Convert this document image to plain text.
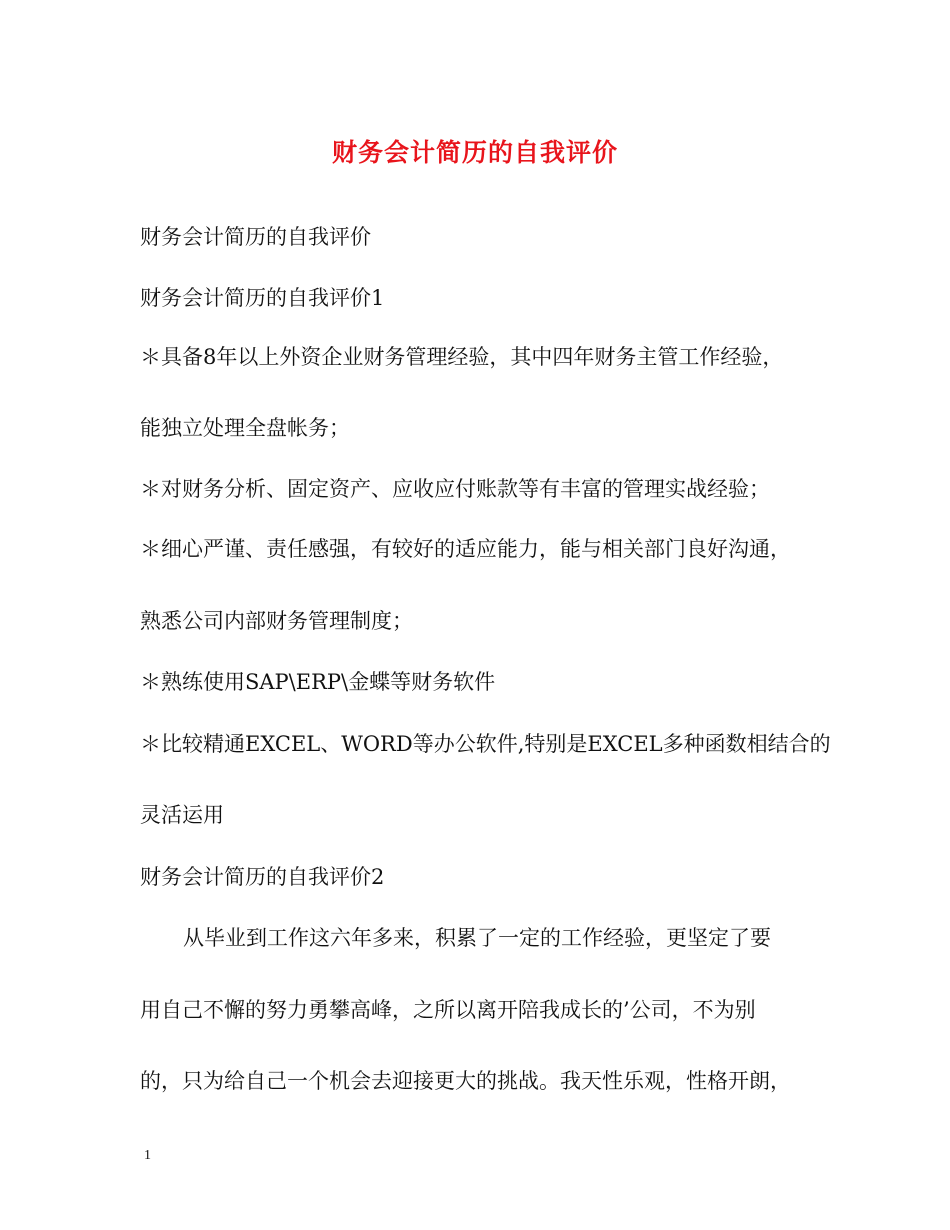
财务会计简历的自我评价
财务会计简历的自我评价
财务会计简历的自我评价1
＊具备8年以上外资企业财务管理经验，其中四年财务主管工作经验，
能独立处理全盘帐务；
＊对财务分析、固定资产、应收应付账款等有丰富的管理实战经验；
＊细心严谨、责任感强，有较好的适应能力，能与相关部门良好沟通，
熟悉公司内部财务管理制度；
＊熟练使用SAP\ERP\金蝶等财务软件
＊比较精通EXCEL、WORD等办公软件,特别是EXCEL多种函数相结合的
灵活运用
财务会计简历的自我评价2
从毕业到工作这六年多来，积累了一定的工作经验，更坚定了要
用自己不懈的努力勇攀高峰，之所以离开陪我成长的’公司，不为别
的，只为给自己一个机会去迎接更大的挑战。我天性乐观，性格开朗，
1
